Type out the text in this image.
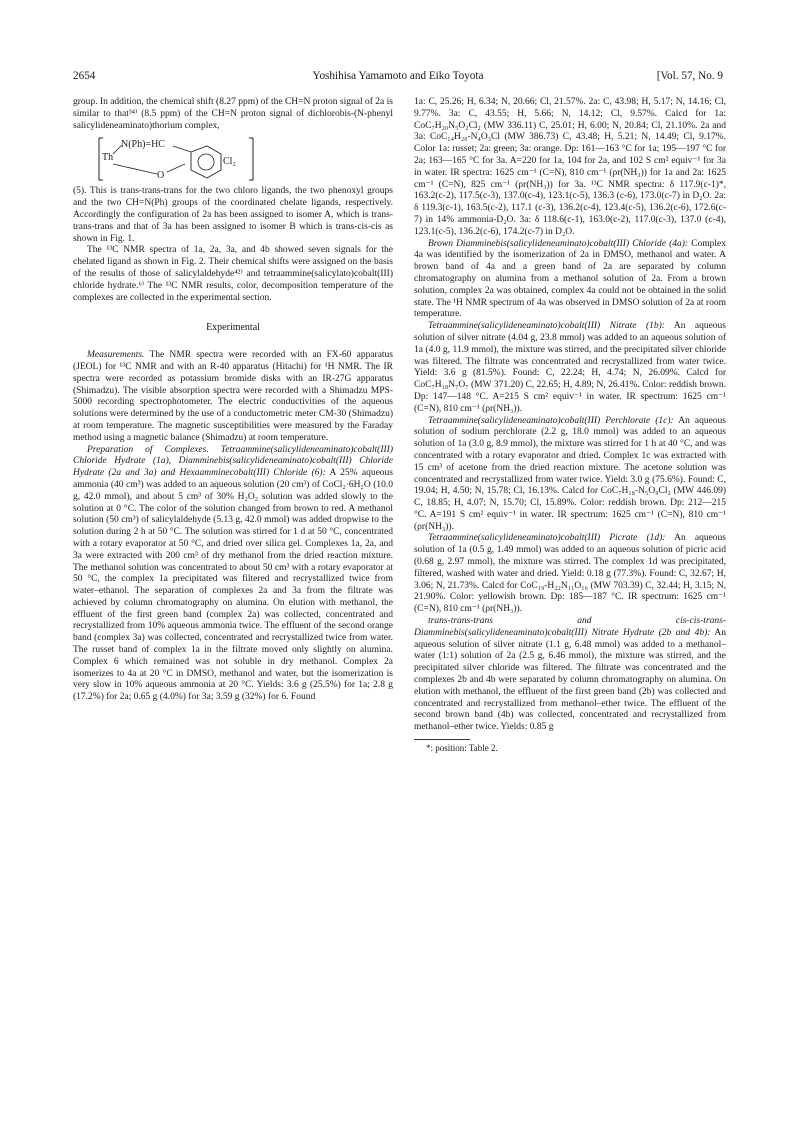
2654	Yoshihisa Yamamoto and Eiko Toyota	[Vol. 57, No. 9

group. In addition, the chemical shift (8.27 ppm) of the CH=N proton signal of 2a is similar to that³⁴⁾ (8.5 ppm) of the CH=N proton signal of dichlorobis-(N-phenyl salicylideneaminato)thorium complex,

Th
N(Ph)=HC
O
Cl₂

(5). This is trans-trans-trans for the two chloro ligands, the two phenoxyl groups and the two CH=N(Ph) groups of the coordinated chelate ligands, respectively. Accordingly the configuration of 2a has been assigned to isomer A, which is trans-trans-trans and that of 3a has been assigned to isomer B which is trans-cis-cis as shown in Fig. 1.

The ¹³C NMR spectra of 1a, 2a, 3a, and 4b showed seven signals for the chelated ligand as shown in Fig. 2. Their chemical shifts were assigned on the basis of the results of those of salicylaldehyde⁴²⁾ and tetraammine(salicylato)cobalt(III) chloride hydrate.⁶⁾ The ¹³C NMR results, color, decomposition temperature of the complexes are collected in the experimental section.

Experimental

Measurements. The NMR spectra were recorded with an FX-60 apparatus (JEOL) for ¹³C NMR and with an R-40 apparatus (Hitachi) for ¹H NMR. The IR spectra were recorded as potassium bromide disks with an IR-27G apparatus (Shimadzu). The visible absorption spectra were recorded with a Shimadzu MPS-5000 recording spectrophotometer. The electric conductivities of the aqueous solutions were determined by the use of a conductometric meter CM-30 (Shimadzu) at room temperature. The magnetic susceptibilities were measured by the Faraday method using a magnetic balance (Shimadzu) at room temperature.

Preparation of Complexes. Tetraammine(salicylideneaminato)cobalt(III) Chloride Hydrate (1a), Diamminebis(salicylideneaminato)cobalt(III) Chloride Hydrate (2a and 3a) and Hexaamminecobalt(III) Chloride (6): A 25% aqueous ammonia (40 cm³) was added to an aqueous solution (20 cm³) of CoCl₂·6H₂O (10.0 g, 42.0 mmol), and about 5 cm³ of 30% H₂O₂ solution was added slowly to the solution at 0 °C. The color of the solution changed from brown to red. A methanol solution (50 cm³) of salicylaldehyde (5.13 g, 42.0 mmol) was added dropwise to the solution during 2 h at 50 °C. The solution was stirred for 1 d at 50 °C, concentrated with a rotary evaporator at 50 °C, and dried over silica gel. Complexes 1a, 2a, and 3a were extracted with 200 cm³ of dry methanol from the dried reaction mixture. The methanol solution was concentrated to about 50 cm³ with a rotary evaporator at 50 °C, the complex 1a precipitated was filtered and recrystallized twice from water–ethanol. The separation of complexes 2a and 3a from the filtrate was achieved by column chromatography on alumina. On elution with methanol, the effluent of the first green band (complex 2a) was collected, concentrated and recrystallized from 10% aqueous ammonia twice. The effluent of the second orange band (complex 3a) was collected, concentrated and recrystallized twice from water. The russet band of complex 1a in the filtrate moved only slightly on alumina. Complex 6 which remained was not soluble in dry methanol. Complex 2a isomerizes to 4a at 20 °C in DMSO, methanol and water, but the isomerization is very slow in 10% aqueous ammonia at 20 °C. Yields: 3.6 g (25.5%) for 1a; 2.8 g (17.2%) for 2a; 0.65 g (4.0%) for 3a; 3.59 g (32%) for 6. Found

1a: C, 25.26; H, 6.34; N, 20.66; Cl, 21.57%. 2a: C, 43.98; H, 5.17; N, 14.16; Cl, 9.77%. 3a: C, 43.55; H, 5.66; N, 14.12; Cl, 9.57%. Calcd for 1a: CoC₇H₂₀N₅O₂Cl₂ (MW 336.11) C, 25.01; H, 6.00; N, 20.84; Cl, 21.10%. 2a and 3a: CoC₁₄H₂₀-N₄O₃Cl (MW 386.73) C, 43.48; H, 5.21; N, 14.49; Cl, 9.17%. Color 1a: russet; 2a: green; 3a: orange. Dp: 161—163 °C for 1a; 195—197 °C for 2a; 163—165 °C for 3a. A=220 for 1a, 104 for 2a, and 102 S cm² equiv⁻¹ for 3a in water. IR spectra: 1625 cm⁻¹ (C=N), 810 cm⁻¹ (ρr(NH₃)) for 1a and 2a: 1625 cm⁻¹ (C=N), 825 cm⁻¹ (ρr(NH₃)) for 3a. ¹³C NMR spectra: δ 117.9(c-1)*, 163.2(c-2), 117.5(c-3), 137.0(c-4), 123.1(c-5), 136.3 (c-6), 173.0(c-7) in D₂O. 2a: δ 119.3(c-1), 163.5(c-2), 117.1 (c-3), 136.2(c-4), 123.4(c-5), 136.2(c-6), 172.6(c-7) in 14% ammonia-D₂O. 3a: δ 118.6(c-1), 163.0(c-2), 117.0(c-3), 137.0 (c-4), 123.1(c-5), 136.2(c-6), 174.2(c-7) in D₂O.

Brown Diamminebis(salicylideneaminato)cobalt(III) Chloride (4a): Complex 4a was identified by the isomerization of 2a in DMSO, methanol and water. A brown band of 4a and a green band of 2a are separated by column chromatography on alumina from a methanol solution of 2a. From a brown solution, complex 2a was obtained, complex 4a could not be obtained in the solid state. The ¹H NMR spectrum of 4a was observed in DMSO solution of 2a at room temperature.

Tetraammine(salicylideneaminato)cobalt(III) Nitrate (1b): An aqueous solution of silver nitrate (4.04 g, 23.8 mmol) was added to an aqueous solution of 1a (4.0 g, 11.9 mmol), the mixture was stirred, and the precipitated silver chloride was filtered. The filtrate was concentrated and recrystallized from water twice. Yield: 3.6 g (81.5%). Found: C, 22.24; H, 4.74; N, 26.09%. Calcd for CoC₇H₁₈N₇O₇ (MW 371.20) C, 22.65; H, 4.89; N, 26.41%. Color: reddish brown. Dp: 147—148 °C. A=215 S cm² equiv⁻¹ in water. IR spectrum: 1625 cm⁻¹ (C=N), 810 cm⁻¹ (ρr(NH₃)).

Tetraammine(salicylideneaminato)cobalt(III) Perchlorate (1c): An aqueous solution of sodium perchlorate (2.2 g, 18.0 mmol) was added to an aqueous solution of 1a (3.0 g, 8.9 mmol), the mixture was stirred for 1 h at 40 °C, and was concentrated with a rotary evaporator and dried. Complex 1c was extracted with 15 cm³ of acetone from the dried reaction mixture. The acetone solution was concentrated and recrystallized from water twice. Yield: 3.0 g (75.6%). Found: C, 19.04; H, 4.50; N, 15.78; Cl, 16.13%. Calcd for CoC₇H₁₈-N₅O₉Cl₂ (MW 446.09) C, 18.85; H, 4.07; N, 15.70; Cl, 15.89%. Color: reddish brown. Dp: 212—215 °C. A=191 S cm² equiv⁻¹ in water. IR spectrum: 1625 cm⁻¹ (C=N), 810 cm⁻¹ (ρr(NH₃)).

Tetraammine(salicylideneaminato)cobalt(III) Picrate (1d): An aqueous solution of 1a (0.5 g, 1.49 mmol) was added to an aqueous solution of picric acid (0.68 g, 2.97 mmol), the mixture was stirred. The complex 1d was precipitated, filtered, washed with water and dried. Yield: 0.18 g (77.3%). Found: C, 32.67; H, 3.06; N, 21.73%. Calcd for CoC₁₉-H₂₂N₁₁O₁₆ (MW 703.39) C, 32.44; H, 3.15; N, 21.90%. Color: yellowish brown. Dp: 185—187 °C. IR spectrum: 1625 cm⁻¹ (C=N), 810 cm⁻¹ (ρr(NH₃)).

trans-trans-trans and cis-cis-trans-Diamminebis(salicylideneaminato)cobalt(III) Nitrate Hydrate (2b and 4b): An aqueous solution of silver nitrate (1.1 g, 6.48 mmol) was added to a methanol–water (1:1) solution of 2a (2.5 g, 6.46 mmol), the mixture was stirred, and the precipitated silver chloride was filtered. The filtrate was concentrated and the complexes 2b and 4b were separated by column chromatography on alumina. On elution with methanol, the effluent of the first green band (2b) was collected and concentrated and recrystallized from methanol–ether twice. The effluent of the second brown band (4b) was collected, concentrated and recrystallized from methanol–ether twice. Yields: 0.85 g

*: position: Table 2.
